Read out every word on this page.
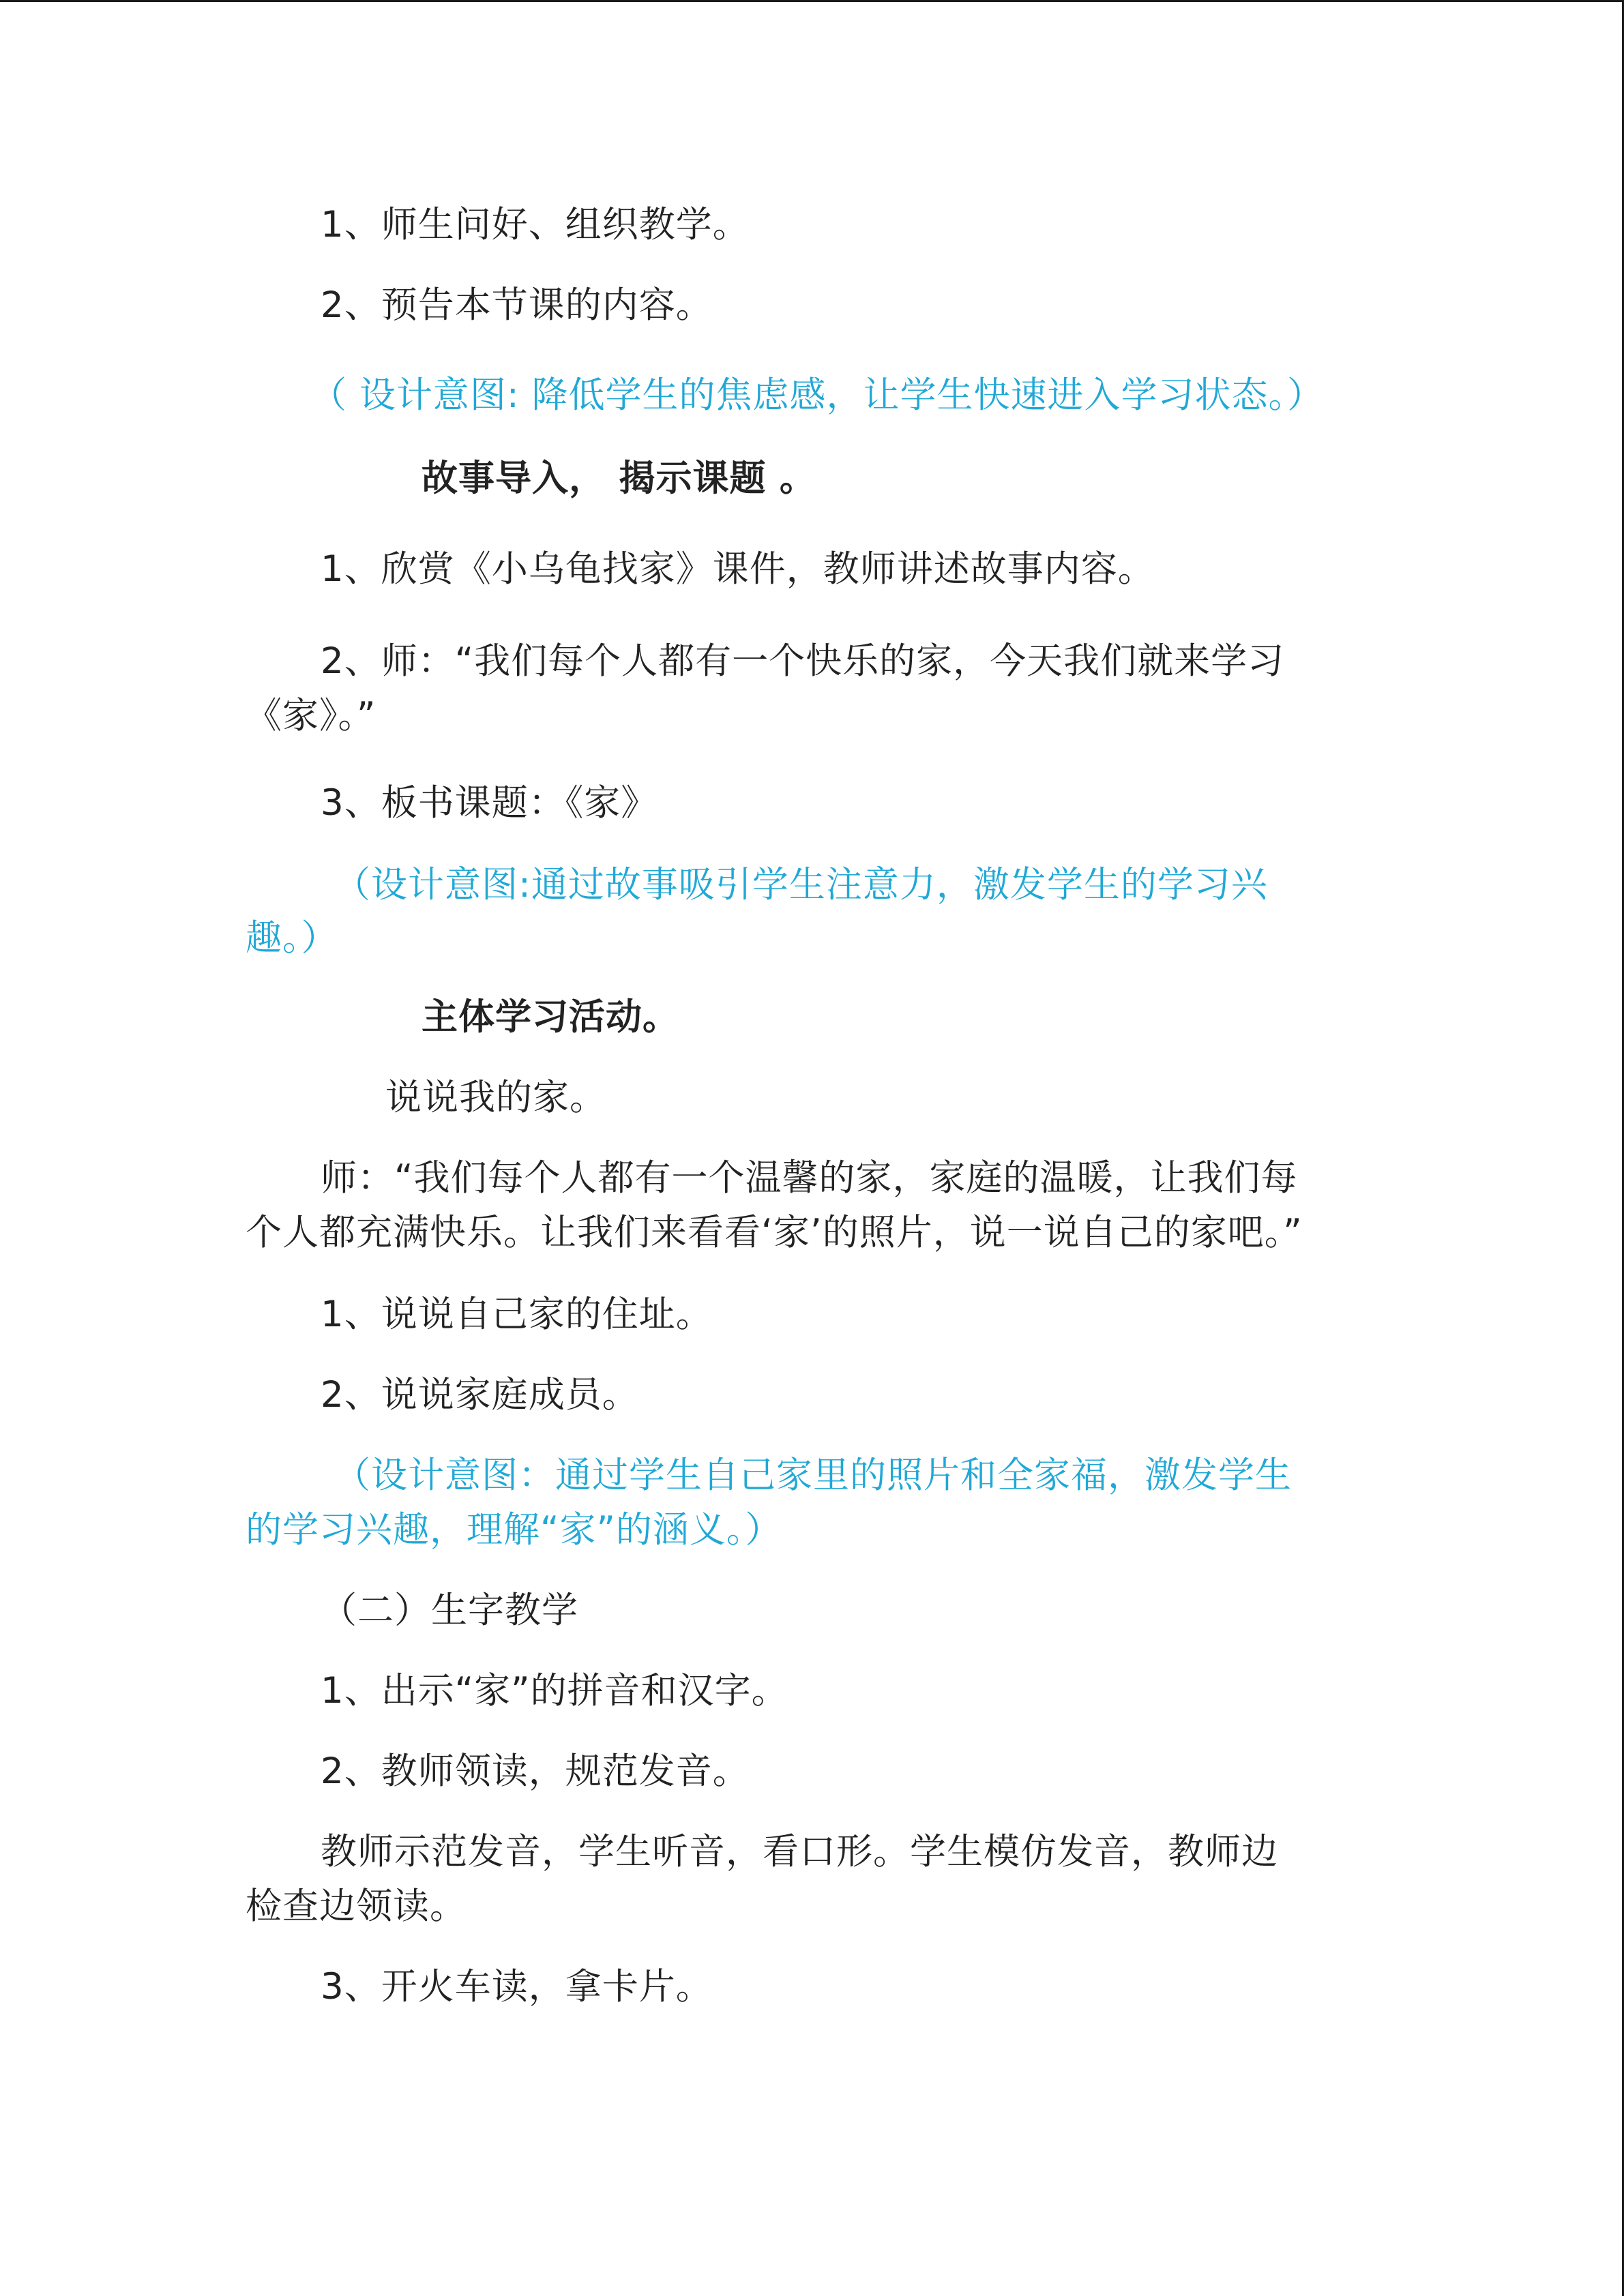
1、师生问好、组织教学。
2、预告本节课的内容。
（ 设计意图: 降低学生的焦虑感，让学生快速进入学习状态。）
故事导入， 揭示课题 。
1、欣赏《小乌龟找家》课件，教师讲述故事内容。
2、师：“我们每个人都有一个快乐的家，今天我们就来学习
《家》。”
3、板书课题：《家》
（设计意图:通过故事吸引学生注意力，激发学生的学习兴
趣。）
主体学习活动。
说说我的家。
师：“我们每个人都有一个温馨的家，家庭的温暖，让我们每
个人都充满快乐。让我们来看看‘家’的照片，说一说自己的家吧。”
1、说说自己家的住址。
2、说说家庭成员。
（设计意图：通过学生自己家里的照片和全家福，激发学生
的学习兴趣，理解“家”的涵义。）
（二）生字教学
1、出示“家”的拼音和汉字。
2、教师领读，规范发音。
教师示范发音，学生听音，看口形。学生模仿发音，教师边
检查边领读。
3、开火车读，拿卡片。
